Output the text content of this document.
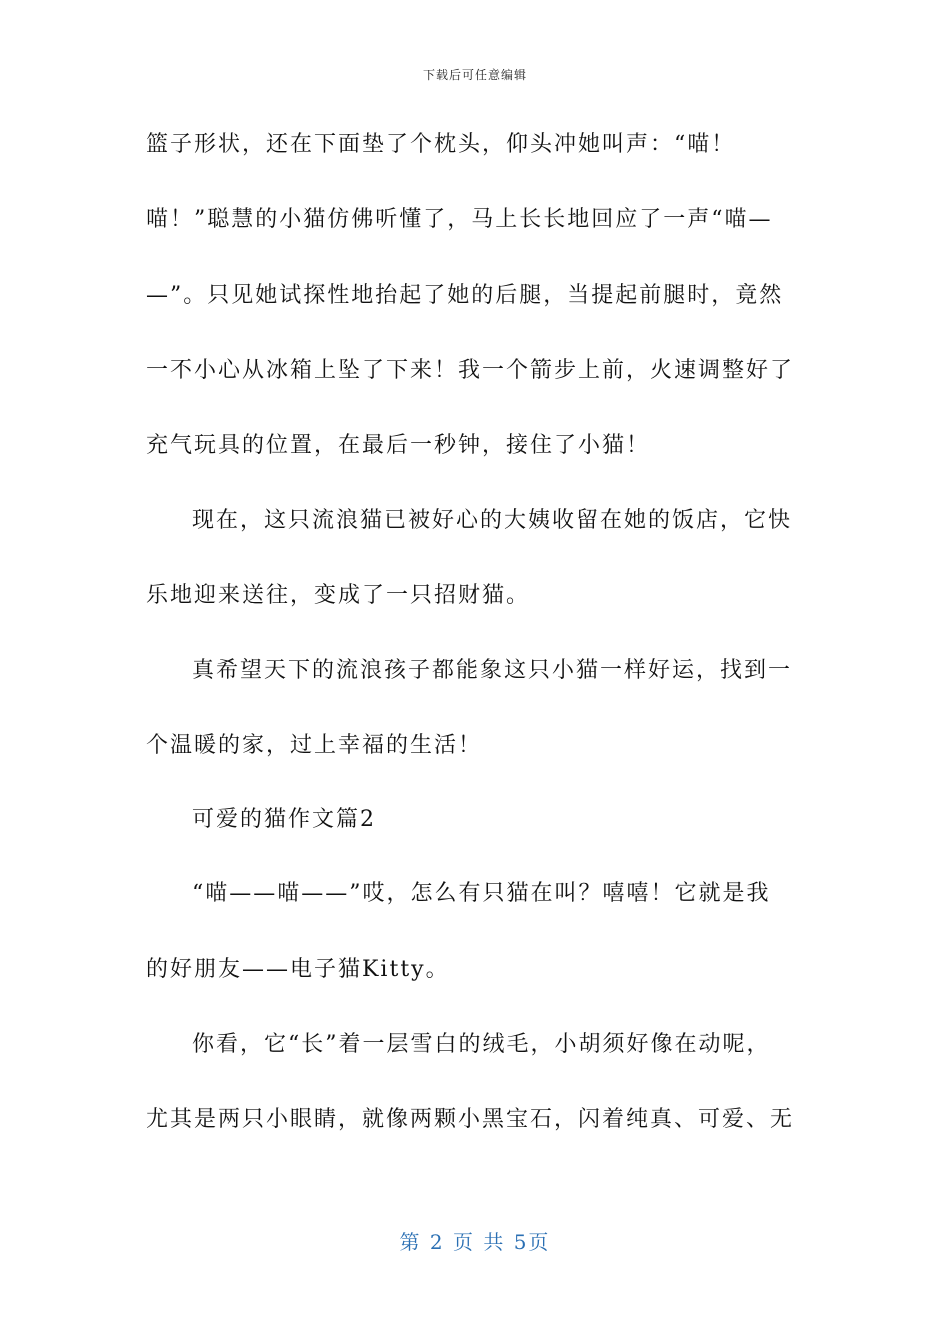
下载后可任意编辑
篮子形状，还在下面垫了个枕头，仰头冲她叫声：“喵！
喵！”聪慧的小猫仿佛听懂了，马上长长地回应了一声“喵—
—”。只见她试探性地抬起了她的后腿，当提起前腿时，竟然
一不小心从冰箱上坠了下来！我一个箭步上前，火速调整好了
充气玩具的位置，在最后一秒钟，接住了小猫！
现在，这只流浪猫已被好心的大姨收留在她的饭店，它快
乐地迎来送往，变成了一只招财猫。
真希望天下的流浪孩子都能象这只小猫一样好运，找到一
个温暖的家，过上幸福的生活！
可爱的猫作文篇2
“喵——喵——”哎，怎么有只猫在叫？嘻嘻！它就是我
的好朋友——电子猫Kitty。
你看，它“长”着一层雪白的绒毛，小胡须好像在动呢，
尤其是两只小眼睛，就像两颗小黑宝石，闪着纯真、可爱、无
第 2 页 共 5页
